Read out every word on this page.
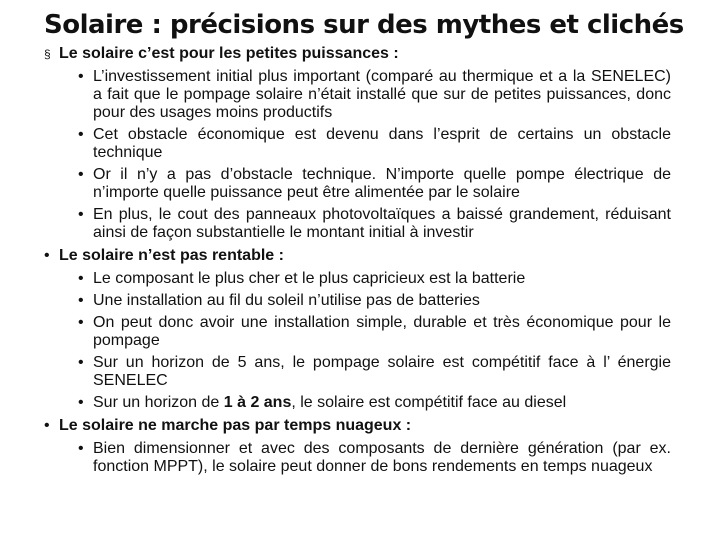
Solaire : précisions sur des mythes et clichés
§ Le solaire c’est pour les petites puissances :
• L’investissement initial plus important (comparé au thermique et a la SENELEC) a fait que le pompage solaire n’était installé que sur de petites puissances, donc pour des usages moins productifs
• Cet obstacle économique est devenu dans l’esprit de certains un obstacle technique
• Or il n’y a pas d’obstacle technique. N’importe quelle pompe électrique de n’importe quelle puissance peut être alimentée par le solaire
• En plus, le cout des panneaux photovoltaïques a baissé grandement, réduisant ainsi de façon substantielle le montant initial à investir
• Le solaire n’est pas rentable :
• Le composant le plus cher et le plus capricieux est la batterie
• Une installation au fil du soleil n’utilise pas de batteries
• On peut donc avoir une installation simple, durable et très économique pour le pompage
• Sur un horizon de 5 ans, le pompage solaire est compétitif face à l’ énergie SENELEC
• Sur un horizon de 1 à 2 ans, le solaire est compétitif face au diesel
• Le solaire ne marche pas par temps nuageux :
• Bien dimensionner et avec des composants de dernière génération (par ex. fonction MPPT), le solaire peut donner de bons rendements en temps nuageux
